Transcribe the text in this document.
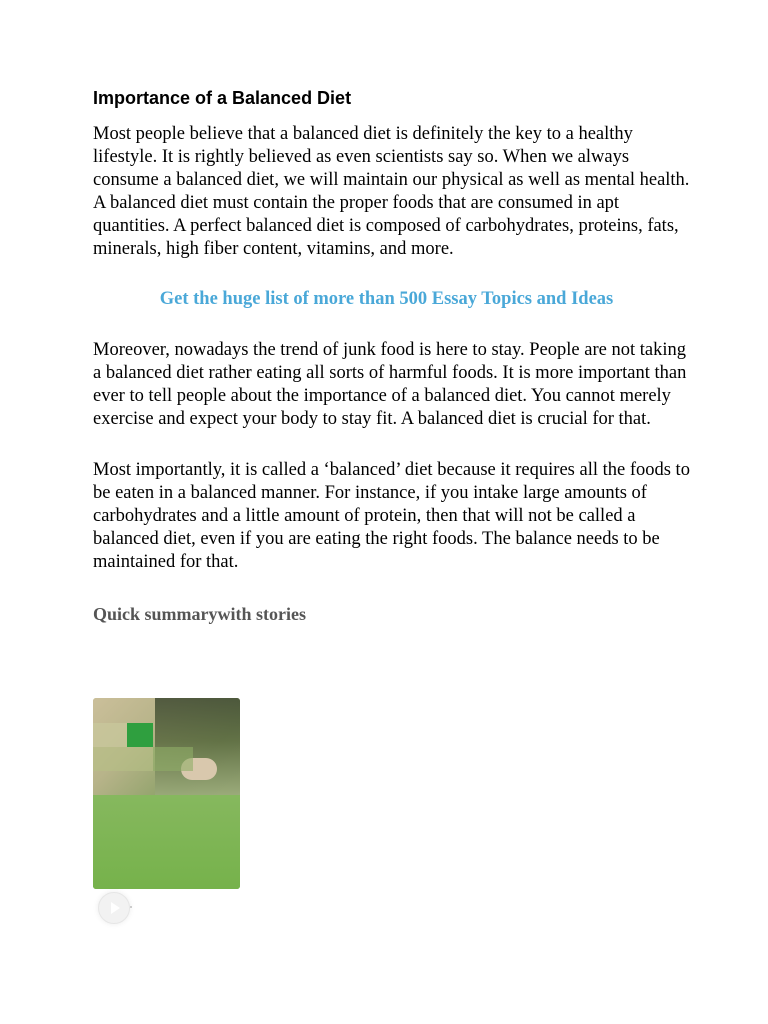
Importance of a Balanced Diet

Most people believe that a balanced diet is definitely the key to a healthy lifestyle. It is rightly believed as even scientists say so. When we always consume a balanced diet, we will maintain our physical as well as mental health. A balanced diet must contain the proper foods that are consumed in apt quantities. A perfect balanced diet is composed of carbohydrates, proteins, fats, minerals, high fiber content, vitamins, and more.

Get the huge list of more than 500 Essay Topics and Ideas

Moreover, nowadays the trend of junk food is here to stay. People are not taking a balanced diet rather eating all sorts of harmful foods. It is more important than ever to tell people about the importance of a balanced diet. You cannot merely exercise and expect your body to stay fit. A balanced diet is crucial for that.

Most importantly, it is called a ‘balanced’ diet because it requires all the foods to be eaten in a balanced manner. For instance, if you intake large amounts of carbohydrates and a little amount of protein, then that will not be called a balanced diet, even if you are eating the right foods. The balance needs to be maintained for that.

Quick summarywith stories
